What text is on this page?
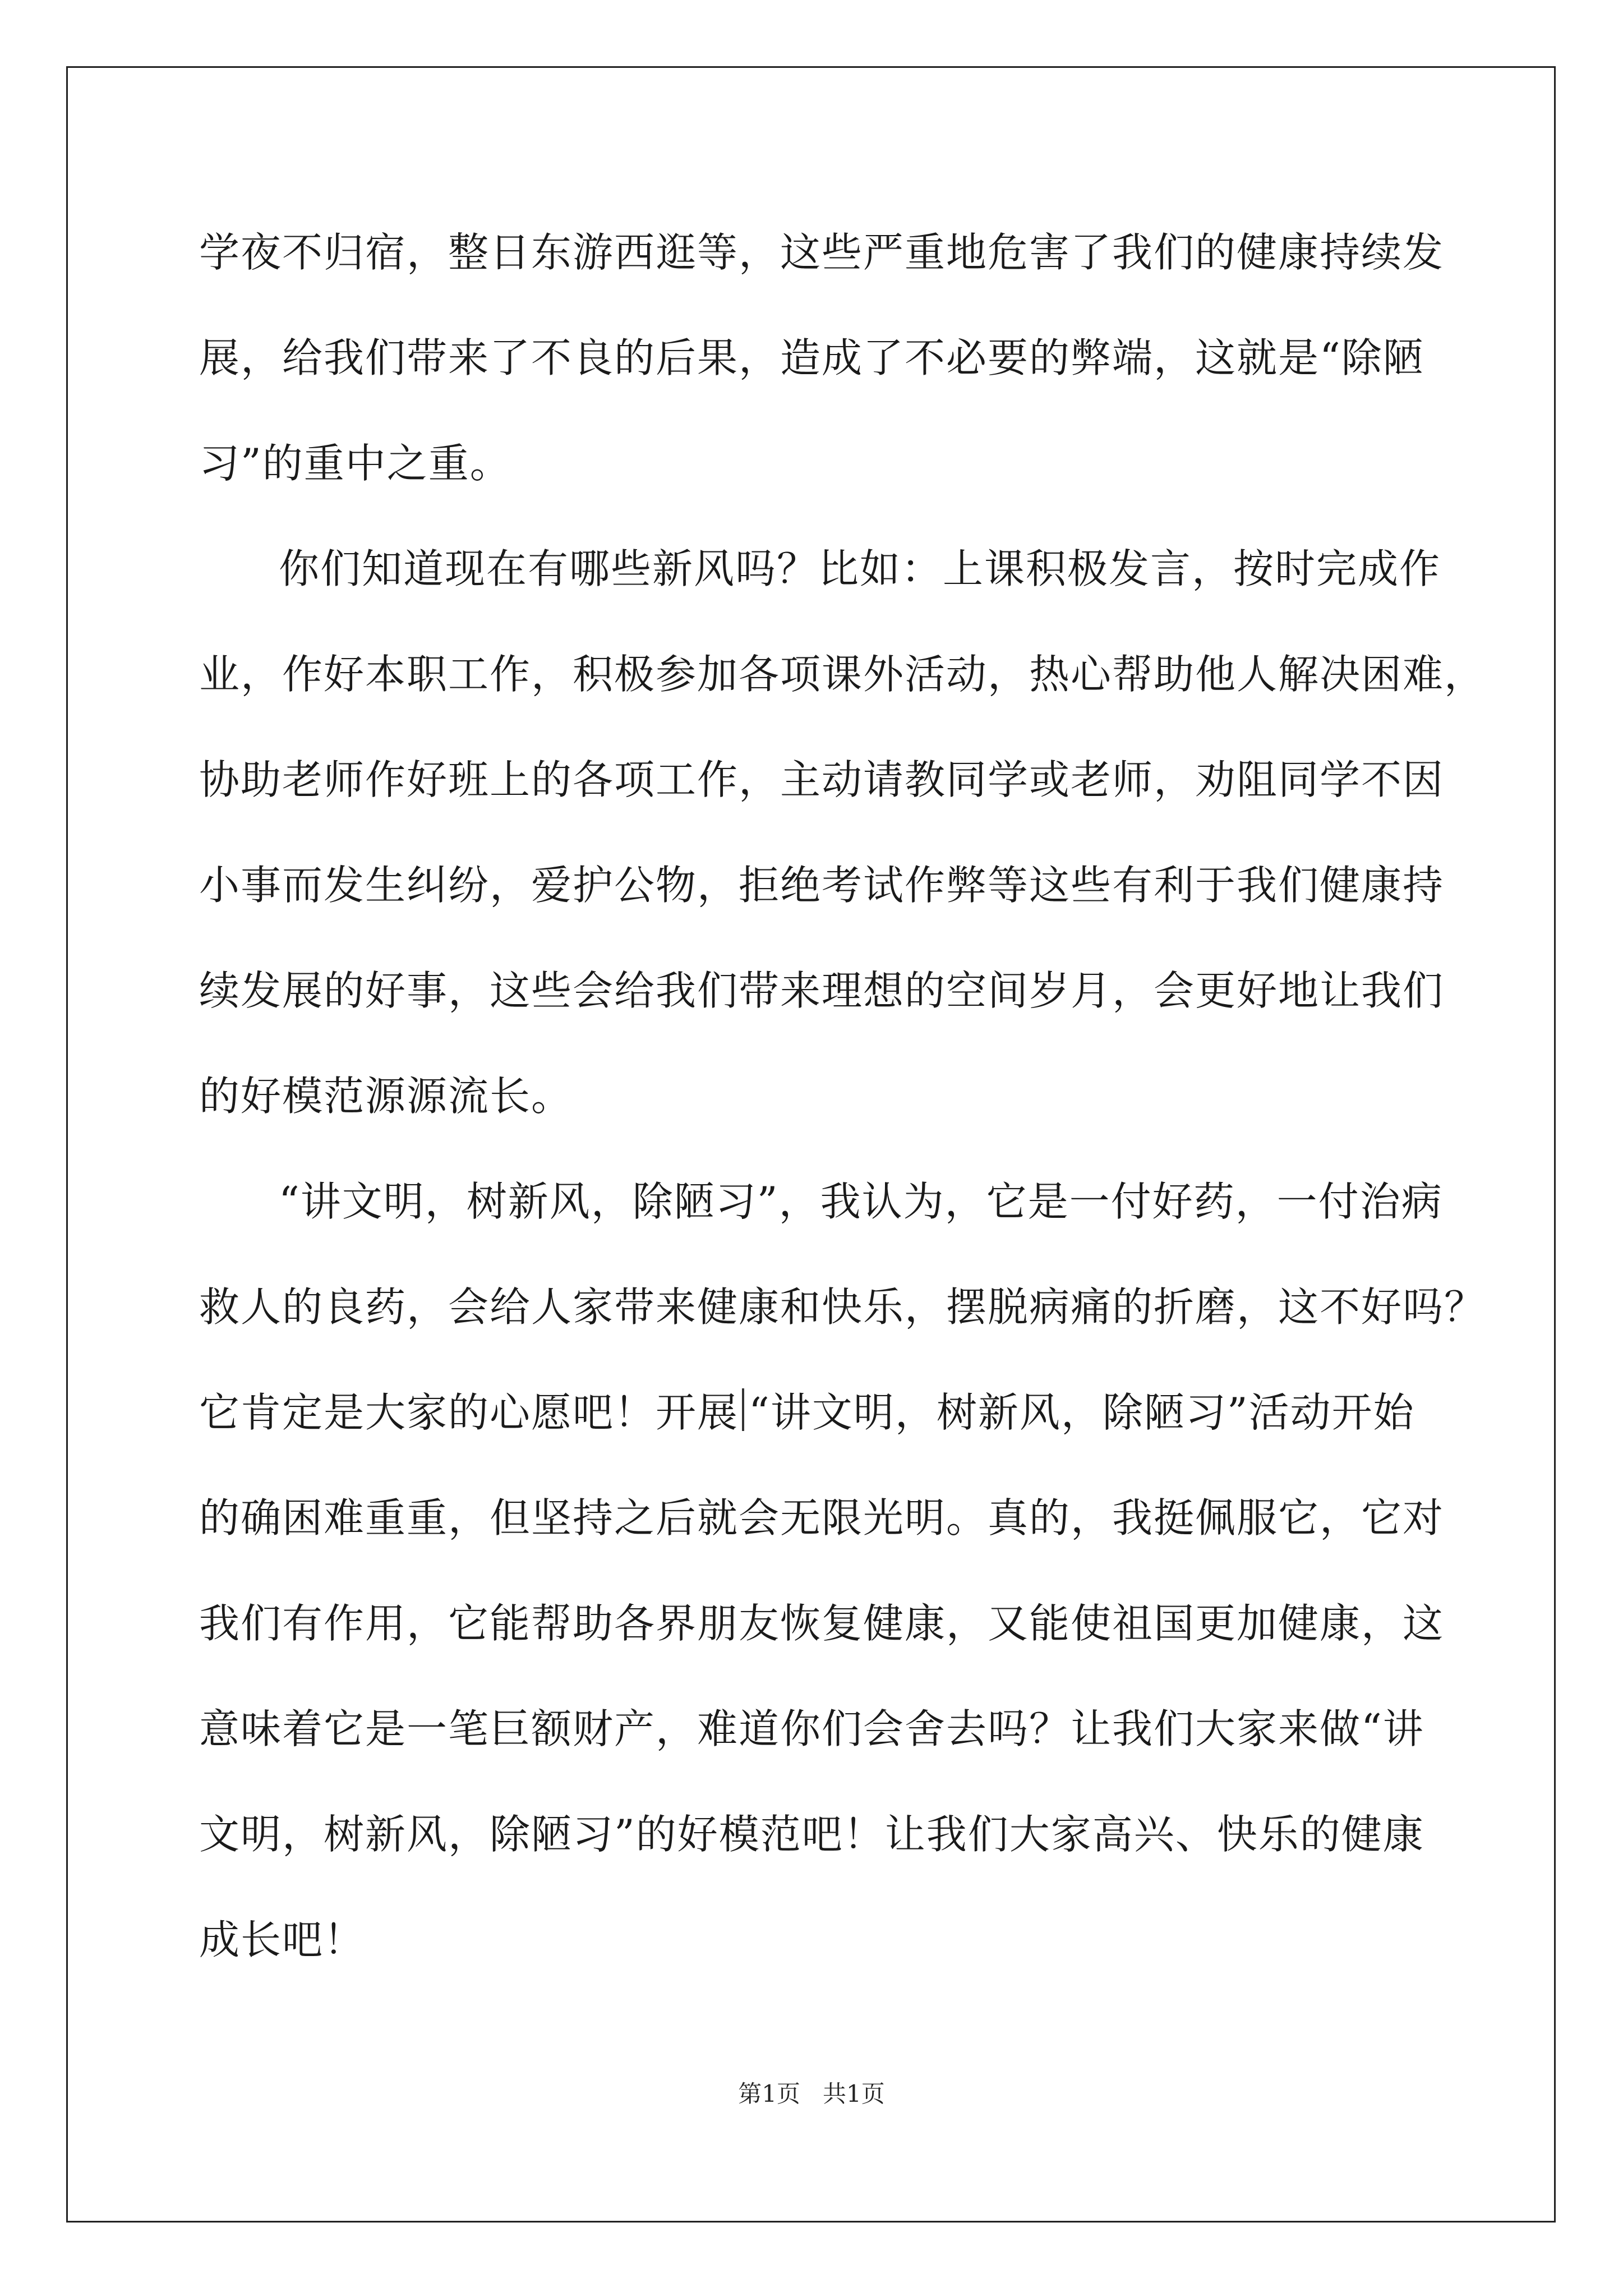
学夜不归宿，整日东游西逛等，这些严重地危害了我们的健康持续发
展，给我们带来了不良的后果，造成了不必要的弊端，这就是“除陋
习”的重中之重。
你们知道现在有哪些新风吗？比如：上课积极发言，按时完成作
业，作好本职工作，积极参加各项课外活动，热心帮助他人解决困难，
协助老师作好班上的各项工作，主动请教同学或老师，劝阻同学不因
小事而发生纠纷，爱护公物，拒绝考试作弊等这些有利于我们健康持
续发展的好事，这些会给我们带来理想的空间岁月，会更好地让我们
的好模范源源流长。
“讲文明，树新风，除陋习”，我认为，它是一付好药，一付治病
救人的良药，会给人家带来健康和快乐，摆脱病痛的折磨，这不好吗？
它肯定是大家的心愿吧！开展 “讲文明，树新风，除陋习”活动开始
的确困难重重，但坚持之后就会无限光明。真的，我挺佩服它，它对
我们有作用，它能帮助各界朋友恢复健康，又能使祖国更加健康，这
意味着它是一笔巨额财产，难道你们会舍去吗？让我们大家来做“讲
文明，树新风，除陋习”的好模范吧！让我们大家高兴、快乐的健康
成长吧！
第1页   共1页
